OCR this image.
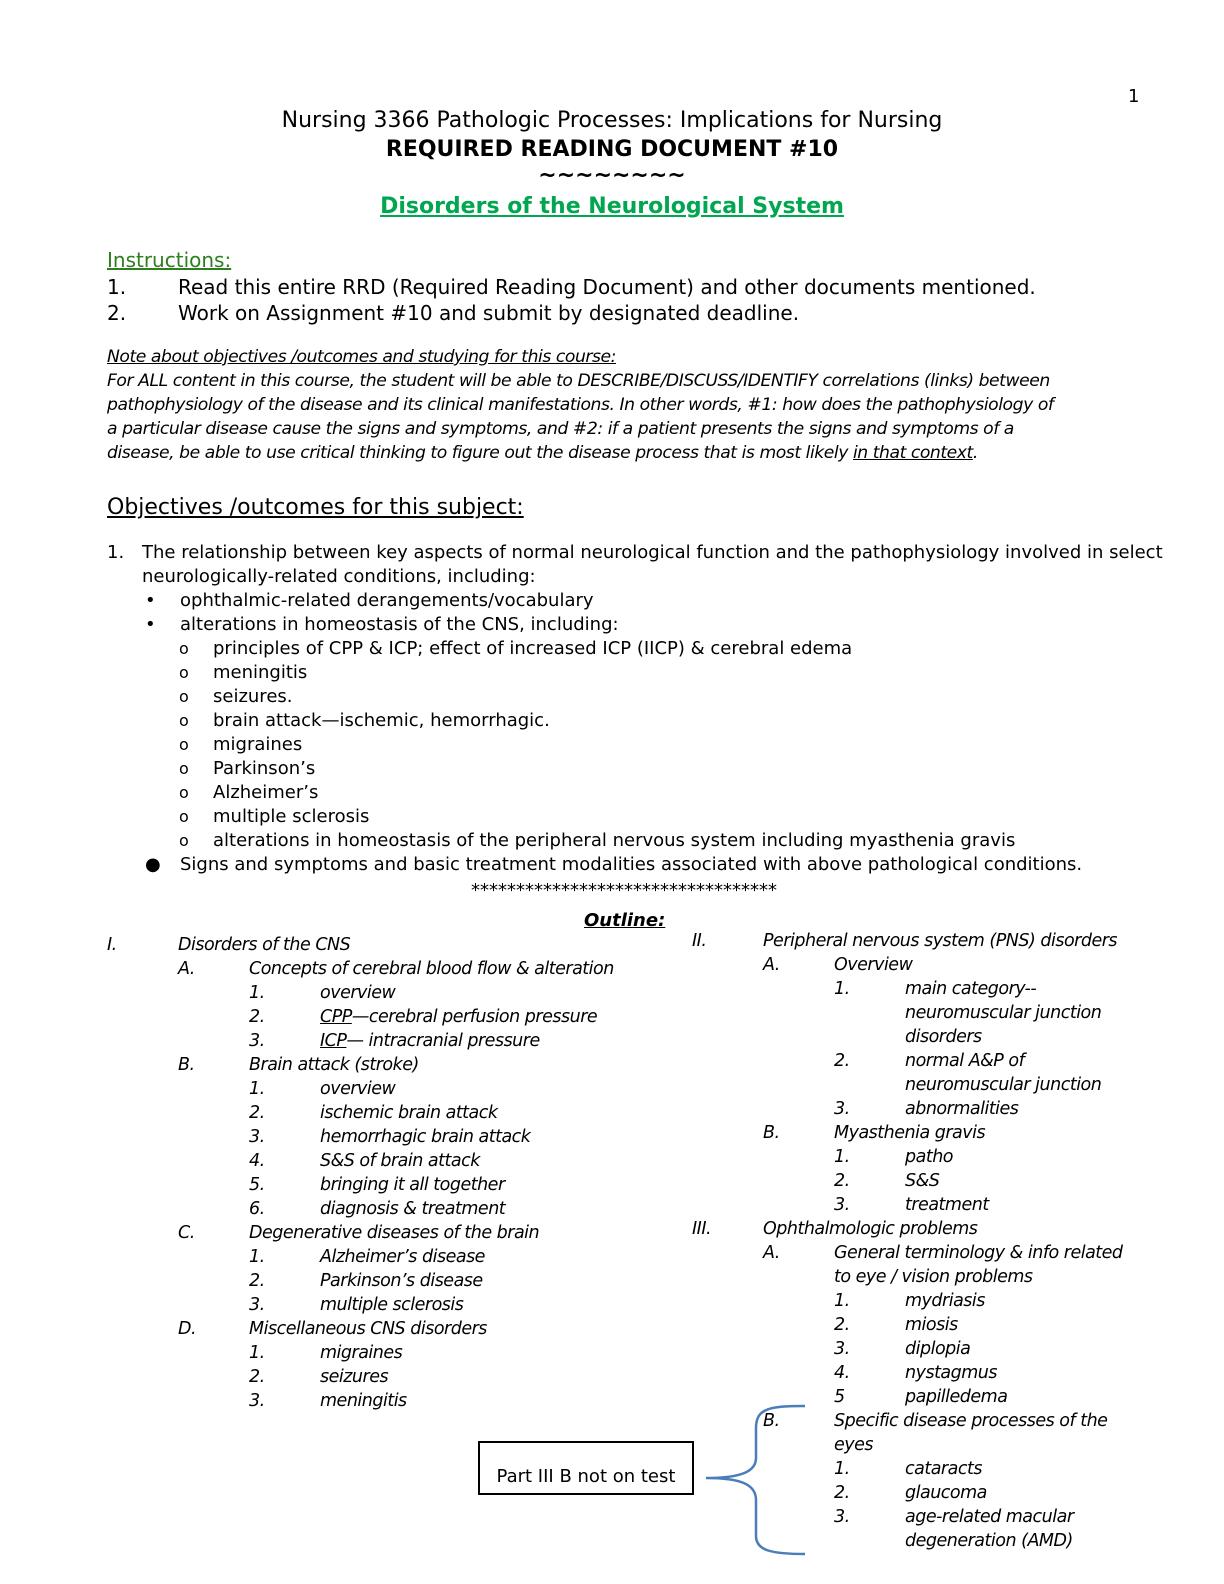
1
Nursing 3366 Pathologic Processes: Implications for Nursing
REQUIRED READING DOCUMENT #10
~~~~~~~~
Disorders of the Neurological System
Instructions:
1.	Read this entire RRD (Required Reading Document) and other documents mentioned.
2.	Work on Assignment #10 and submit by designated deadline.
Note about objectives /outcomes and studying for this course:
For ALL content in this course, the student will be able to DESCRIBE/DISCUSS/IDENTIFY correlations (links) between
pathophysiology of the disease and its clinical manifestations. In other words, #1: how does the pathophysiology of
a particular disease cause the signs and symptoms, and #2: if a patient presents the signs and symptoms of a
disease, be able to use critical thinking to figure out the disease process that is most likely in that context.
Objectives /outcomes for this subject:
1. The relationship between key aspects of normal neurological function and the pathophysiology involved in select
neurologically-related conditions, including:
• ophthalmic-related derangements/vocabulary
• alterations in homeostasis of the CNS, including:
o principles of CPP & ICP; effect of increased ICP (IICP) & cerebral edema
o meningitis
o seizures.
o brain attack—ischemic, hemorrhagic.
o migraines
o Parkinson’s
o Alzheimer’s
o multiple sclerosis
o alterations in homeostasis of the peripheral nervous system including myasthenia gravis
● Signs and symptoms and basic treatment modalities associated with above pathological conditions.
**********************************
Outline:
I.	Disorders of the CNS
A.	Concepts of cerebral blood flow & alteration
1.	overview
2.	CPP—cerebral perfusion pressure
3.	ICP— intracranial pressure
B.	Brain attack (stroke)
1.	overview
2.	ischemic brain attack
3.	hemorrhagic brain attack
4.	S&S of brain attack
5.	bringing it all together
6.	diagnosis & treatment
C.	Degenerative diseases of the brain
1.	Alzheimer’s disease
2.	Parkinson’s disease
3.	multiple sclerosis
D.	Miscellaneous CNS disorders
1.	migraines
2.	seizures
3.	meningitis
II.	Peripheral nervous system (PNS) disorders
A.	Overview
1.	main category--
neuromuscular junction
disorders
2.	normal A&P of
neuromuscular junction
3.	abnormalities
B.	Myasthenia gravis
1.	patho
2.	S&S
3.	treatment
III.	Ophthalmologic problems
A.	General terminology & info related
to eye / vision problems
1.	mydriasis
2.	miosis
3.	diplopia
4.	nystagmus
5	papilledema
B.	Specific disease processes of the
eyes
1.	cataracts
2.	glaucoma
3.	age-related macular
degeneration (AMD)
Part III B not on test
